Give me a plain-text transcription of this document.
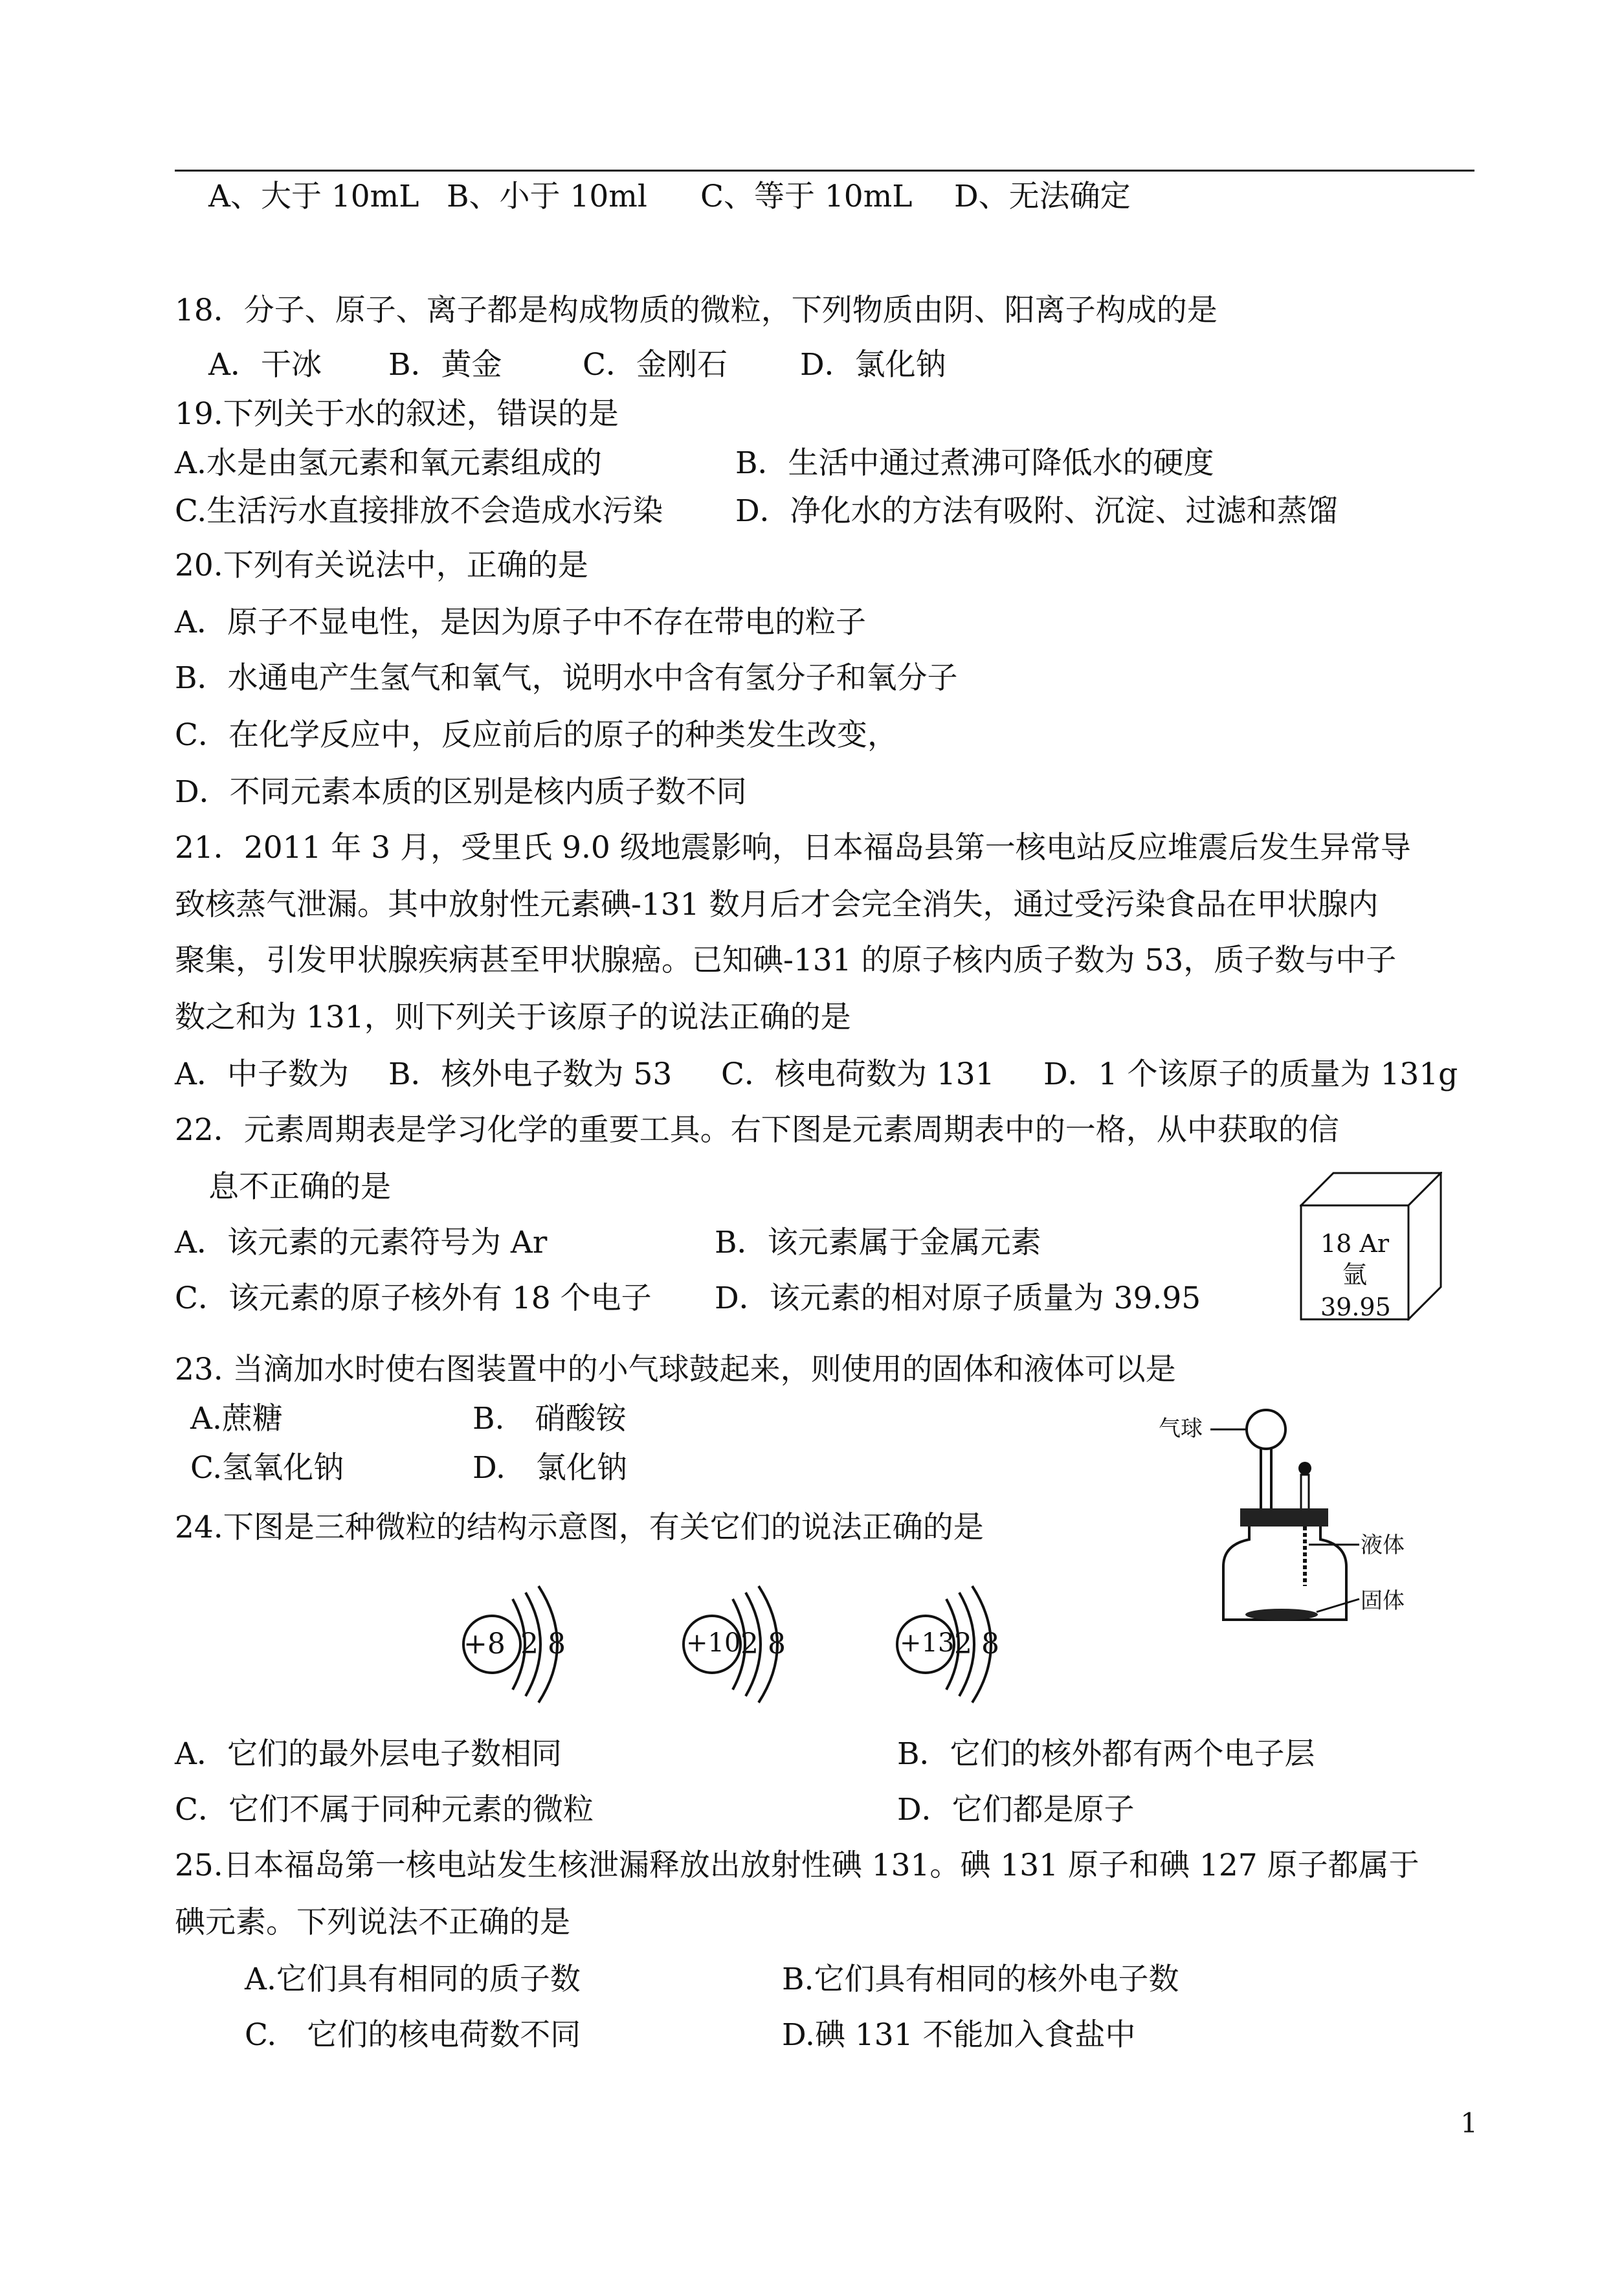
A、大于 10mL B、小于 10ml C、等于 10mL D、无法确定
18．分子、原子、离子都是构成物质的微粒，下列物质由阴、阳离子构成的是
A．干冰 B．黄金	C．金刚石 D．氯化钠
19.下列关于水的叙述，错误的是
A.水是由氢元素和氧元素组成的	B．生活中通过煮沸可降低水的硬度
C.生活污水直接排放不会造成水污染 D．净化水的方法有吸附、沉淀、过滤和蒸馏
20.下列有关说法中，正确的是
A．原子不显电性，是因为原子中不存在带电的粒子
B．水通电产生氢气和氧气，说明水中含有氢分子和氧分子
C．在化学反应中，反应前后的原子的种类发生改变，
D．不同元素本质的区别是核内质子数不同
21．2011 年 3 月，受里氏 9.0 级地震影响，日本福岛县第一核电站反应堆震后发生异常导
致核蒸气泄漏。其中放射性元素碘-131 数月后才会完全消失，通过受污染食品在甲状腺内
聚集，引发甲状腺疾病甚至甲状腺癌。已知碘-131 的原子核内质子数为 53，质子数与中子
数之和为 131，则下列关于该原子的说法正确的是
A．中子数为 B．核外电子数为 53 C．核电荷数为 131 D．1 个该原子的质量为 131g
22．元素周期表是学习化学的重要工具。右下图是元素周期表中的一格，从中获取的信
息不正确的是
A．该元素的元素符号为 Ar	B．该元素属于金属元素
C．该元素的原子核外有 18 个电子 D．该元素的相对原子质量为 39.95
18 Ar
氩
39.95
23. 当滴加水时使右图装置中的小气球鼓起来，则使用的固体和液体可以是
A.蔗糖	B.　硝酸铵
C.氢氧化钠	D.　氯化钠
气球
液体
固体
24.下图是三种微粒的结构示意图，有关它们的说法正确的是
+8 2 8	+10 2 8	+13 2 8
A．它们的最外层电子数相同	B．它们的核外都有两个电子层
C．它们不属于同种元素的微粒	D．它们都是原子
25.日本福岛第一核电站发生核泄漏释放出放射性碘 131。碘 131 原子和碘 127 原子都属于
碘元素。下列说法不正确的是
A.它们具有相同的质子数	B.它们具有相同的核外电子数
C.　它们的核电荷数不同	D.碘 131 不能加入食盐中
1
